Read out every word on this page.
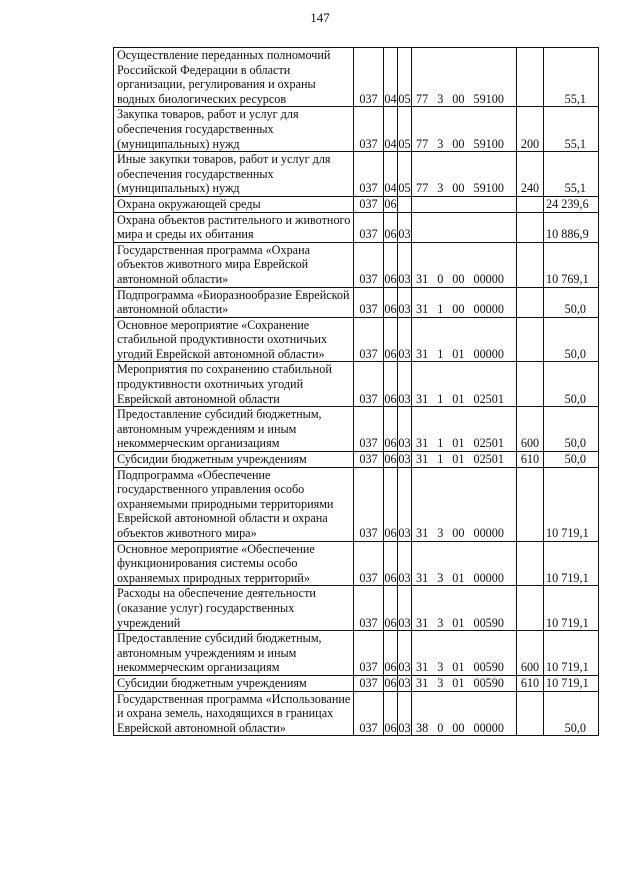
147
Осуществление переданных полномочий Российской Федерации в области организации, регулирования и охраны водных биологических ресурсов	037	04	05	77 3 00 59100		55,1
Закупка товаров, работ и услуг для обеспечения государственных (муниципальных) нужд	037	04	05	77 3 00 59100	200	55,1
Иные закупки товаров, работ и услуг для обеспечения государственных (муниципальных) нужд	037	04	05	77 3 00 59100	240	55,1
Охрана окружающей среды	037	06				24 239,6
Охрана объектов растительного и животного мира и среды их обитания	037	06	03			10 886,9
Государственная программа «Охрана объектов животного мира Еврейской автономной области»	037	06	03	31 0 00 00000		10 769,1
Подпрограмма «Биоразнообразие Еврейской автономной области»	037	06	03	31 1 00 00000		50,0
Основное мероприятие «Сохранение стабильной продуктивности охотничьих угодий Еврейской автономной области»	037	06	03	31 1 01 00000		50,0
Мероприятия по сохранению стабильной продуктивности охотничьих угодий Еврейской автономной области	037	06	03	31 1 01 02501		50,0
Предоставление субсидий бюджетным, автономным учреждениям и иным некоммерческим организациям	037	06	03	31 1 01 02501	600	50,0
Субсидии бюджетным учреждениям	037	06	03	31 1 01 02501	610	50,0
Подпрограмма «Обеспечение государственного управления особо охраняемыми природными территориями Еврейской автономной области и охрана объектов животного мира»	037	06	03	31 3 00 00000		10 719,1
Основное мероприятие «Обеспечение функционирования системы особо охраняемых природных территорий»	037	06	03	31 3 01 00000		10 719,1
Расходы на обеспечение деятельности (оказание услуг) государственных учреждений	037	06	03	31 3 01 00590		10 719,1
Предоставление субсидий бюджетным, автономным учреждениям и иным некоммерческим организациям	037	06	03	31 3 01 00590	600	10 719,1
Субсидии бюджетным учреждениям	037	06	03	31 3 01 00590	610	10 719,1
Государственная программа «Использование и охрана земель, находящихся в границах Еврейской автономной области»	037	06	03	38 0 00 00000		50,0
